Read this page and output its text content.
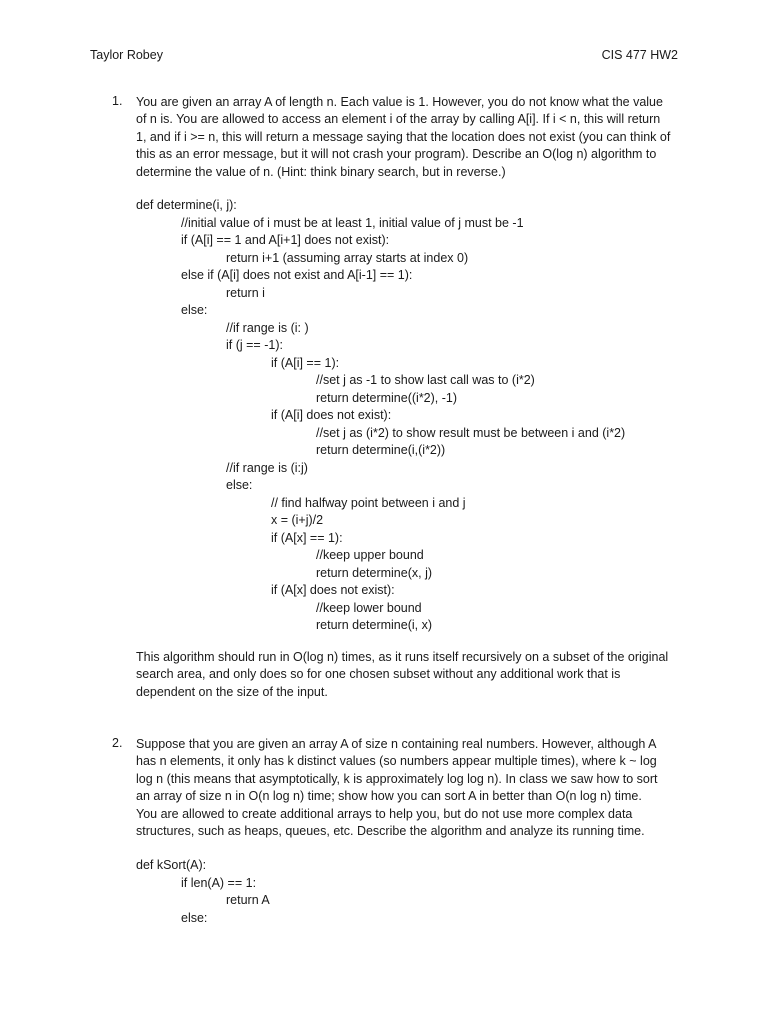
Taylor Robey	CIS 477 HW2
1. You are given an array A of length n. Each value is 1. However, you do not know what the value
of n is. You are allowed to access an element i of the array by calling A[i]. If i < n, this will return
1, and if i >= n, this will return a message saying that the location does not exist (you can think of
this as an error message, but it will not crash your program). Describe an O(log n) algorithm to
determine the value of n. (Hint: think binary search, but in reverse.)
def determine(i, j):
//initial value of i must be at least 1, initial value of j must be -1
if (A[i] == 1 and A[i+1] does not exist):
return i+1 (assuming array starts at index 0)
else if (A[i] does not exist and A[i-1] == 1):
return i
else:
//if range is (i: )
if (j == -1):
if (A[i] == 1):
//set j as -1 to show last call was to (i*2)
return determine((i*2), -1)
if (A[i] does not exist):
//set j as (i*2) to show result must be between i and (i*2)
return determine(i,(i*2))
//if range is (i:j)
else:
// find halfway point between i and j
x = (i+j)/2
if (A[x] == 1):
//keep upper bound
return determine(x, j)
if (A[x] does not exist):
//keep lower bound
return determine(i, x)
This algorithm should run in O(log n) times, as it runs itself recursively on a subset of the original
search area, and only does so for one chosen subset without any additional work that is
dependent on the size of the input.
2. Suppose that you are given an array A of size n containing real numbers. However, although A
has n elements, it only has k distinct values (so numbers appear multiple times), where k ~ log
log n (this means that asymptotically, k is approximately log log n). In class we saw how to sort
an array of size n in O(n log n) time; show how you can sort A in better than O(n log n) time.
You are allowed to create additional arrays to help you, but do not use more complex data
structures, such as heaps, queues, etc. Describe the algorithm and analyze its running time.
def kSort(A):
if len(A) == 1:
return A
else:
